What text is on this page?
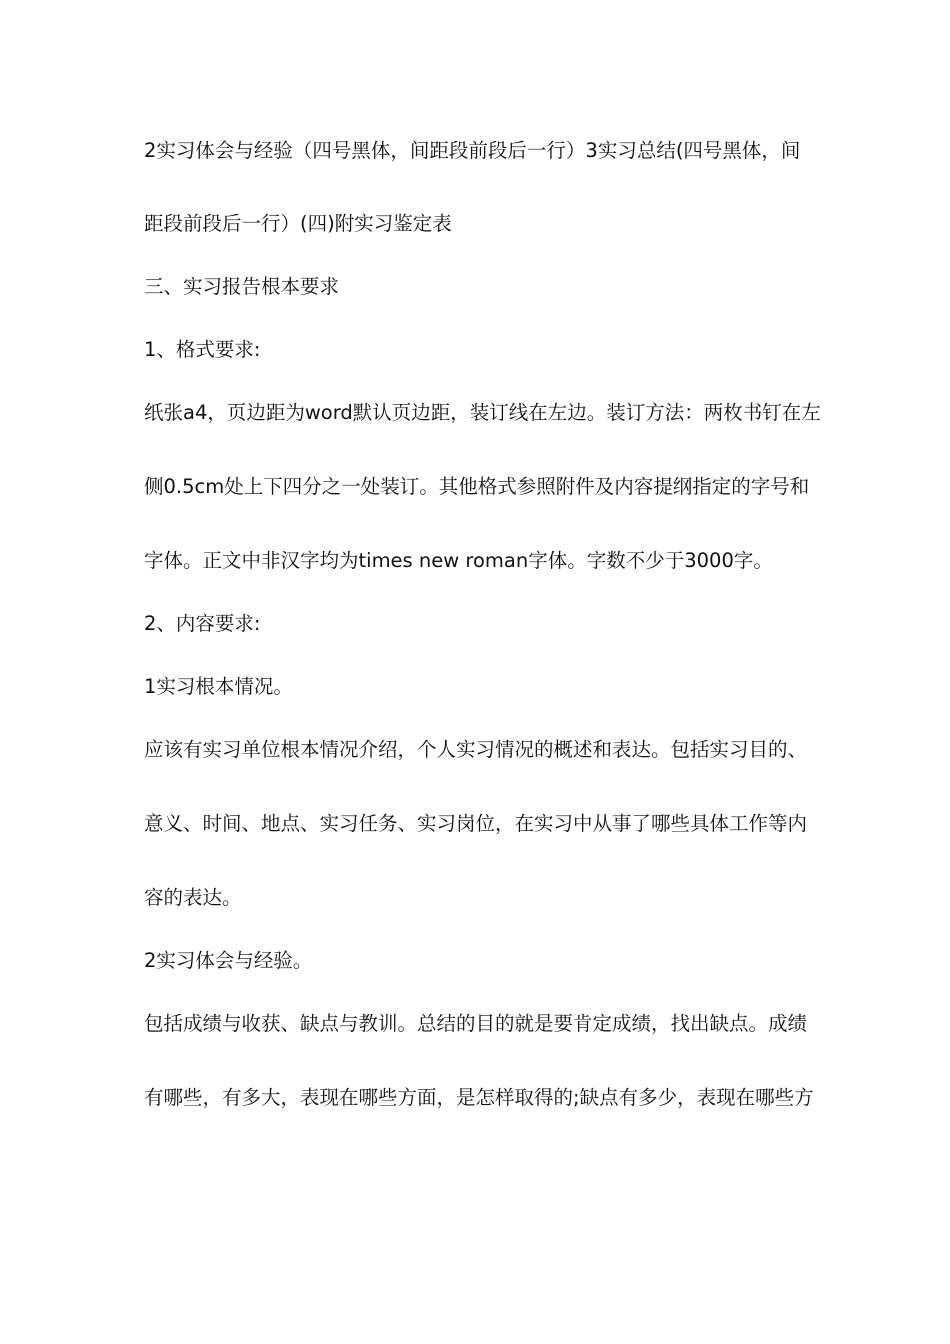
2实习体会与经验（四号黑体，间距段前段后一行）3实习总结(四号黑体，间
距段前段后一行）(四)附实习鉴定表
三、实习报告根本要求
1、格式要求:
纸张a4，页边距为word默认页边距，装订线在左边。装订方法：两枚书钉在左
侧0.5cm处上下四分之一处装订。其他格式参照附件及内容提纲指定的字号和
字体。正文中非汉字均为times new roman字体。字数不少于3000字。
2、内容要求:
1实习根本情况。
应该有实习单位根本情况介绍，个人实习情况的概述和表达。包括实习目的、
意义、时间、地点、实习任务、实习岗位，在实习中从事了哪些具体工作等内
容的表达。
2实习体会与经验。
包括成绩与收获、缺点与教训。总结的目的就是要肯定成绩，找出缺点。成绩
有哪些，有多大，表现在哪些方面，是怎样取得的;缺点有多少，表现在哪些方
